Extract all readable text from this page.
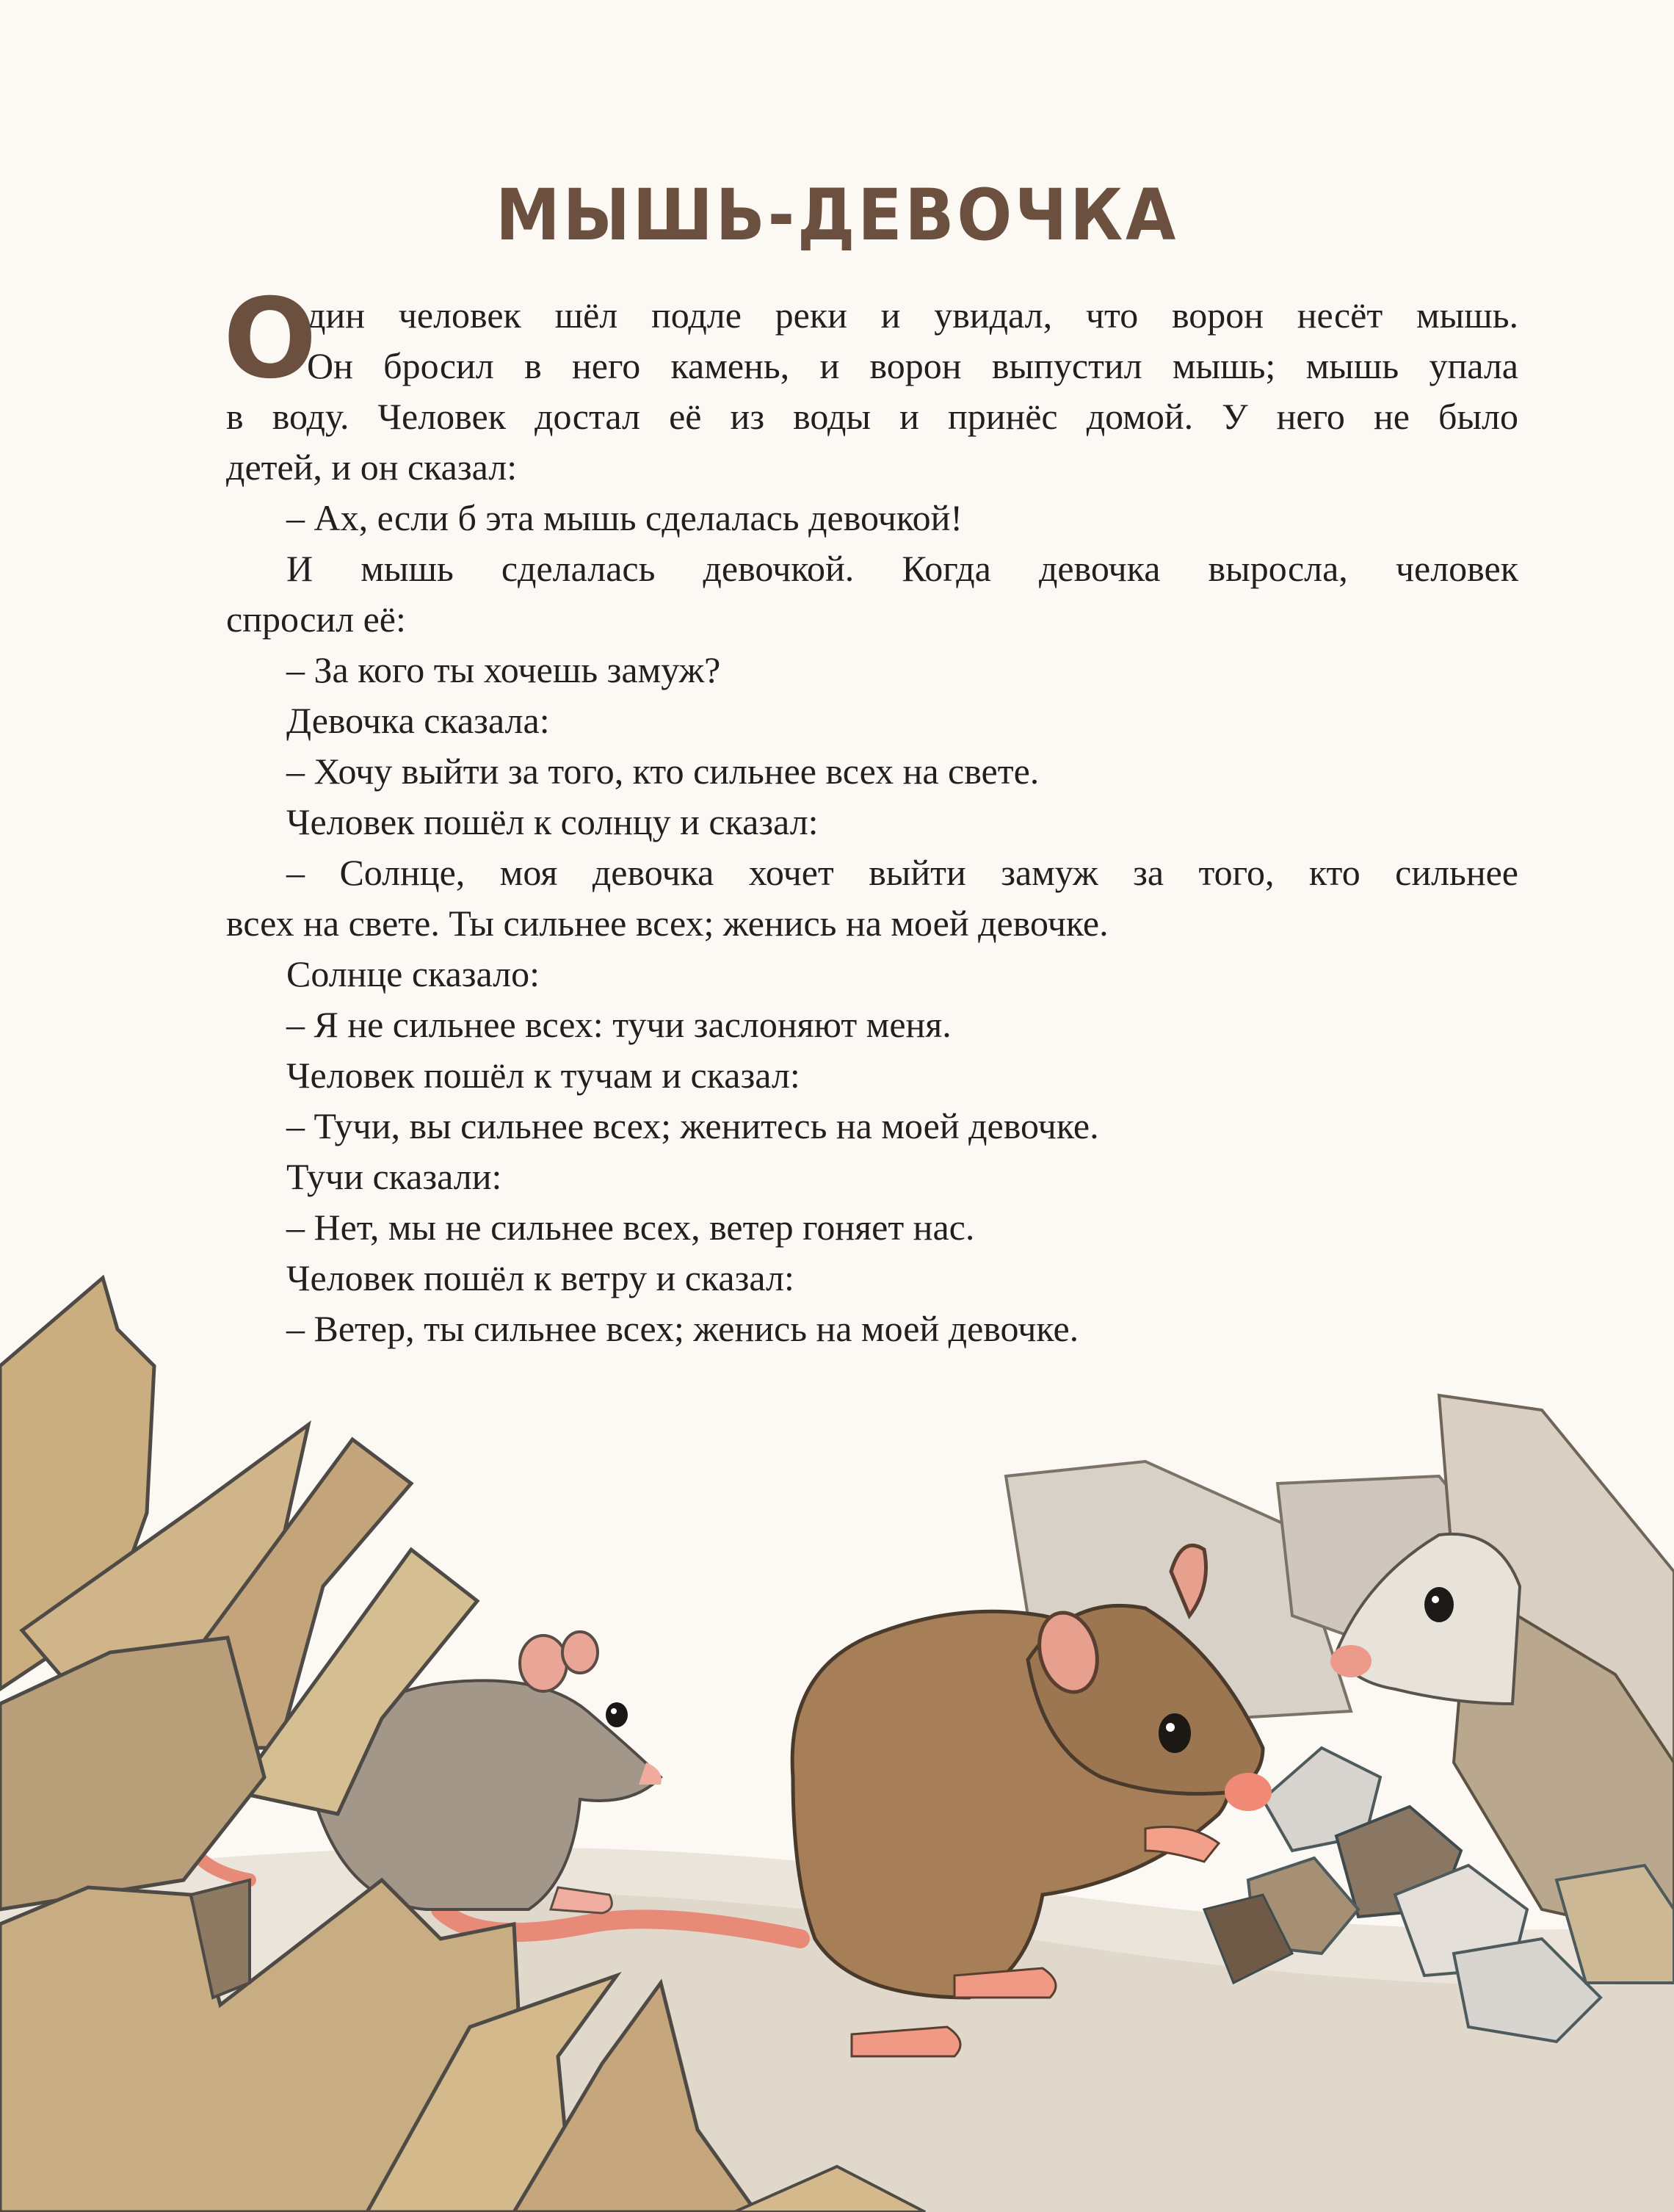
МЫШЬ-ДЕВОЧКА
О
дин человек шёл подле реки и увидал, что ворон несёт мышь.
Он бросил в него камень, и ворон выпустил мышь; мышь упала
в воду. Человек достал её из воды и принёс домой. У него не было
детей, и он сказал:
– Ах, если б эта мышь сделалась девочкой!
И мышь сделалась девочкой. Когда девочка выросла, человек
спросил её:
– За кого ты хочешь замуж?
Девочка сказала:
– Хочу выйти за того, кто сильнее всех на свете.
Человек пошёл к солнцу и сказал:
– Солнце, моя девочка хочет выйти замуж за того, кто сильнее
всех на свете. Ты сильнее всех; женись на моей девочке.
Солнце сказало:
– Я не сильнее всех: тучи заслоняют меня.
Человек пошёл к тучам и сказал:
– Тучи, вы сильнее всех; женитесь на моей девочке.
Тучи сказали:
– Нет, мы не сильнее всех, ветер гоняет нас.
Человек пошёл к ветру и сказал:
– Ветер, ты сильнее всех; женись на моей девочке.
